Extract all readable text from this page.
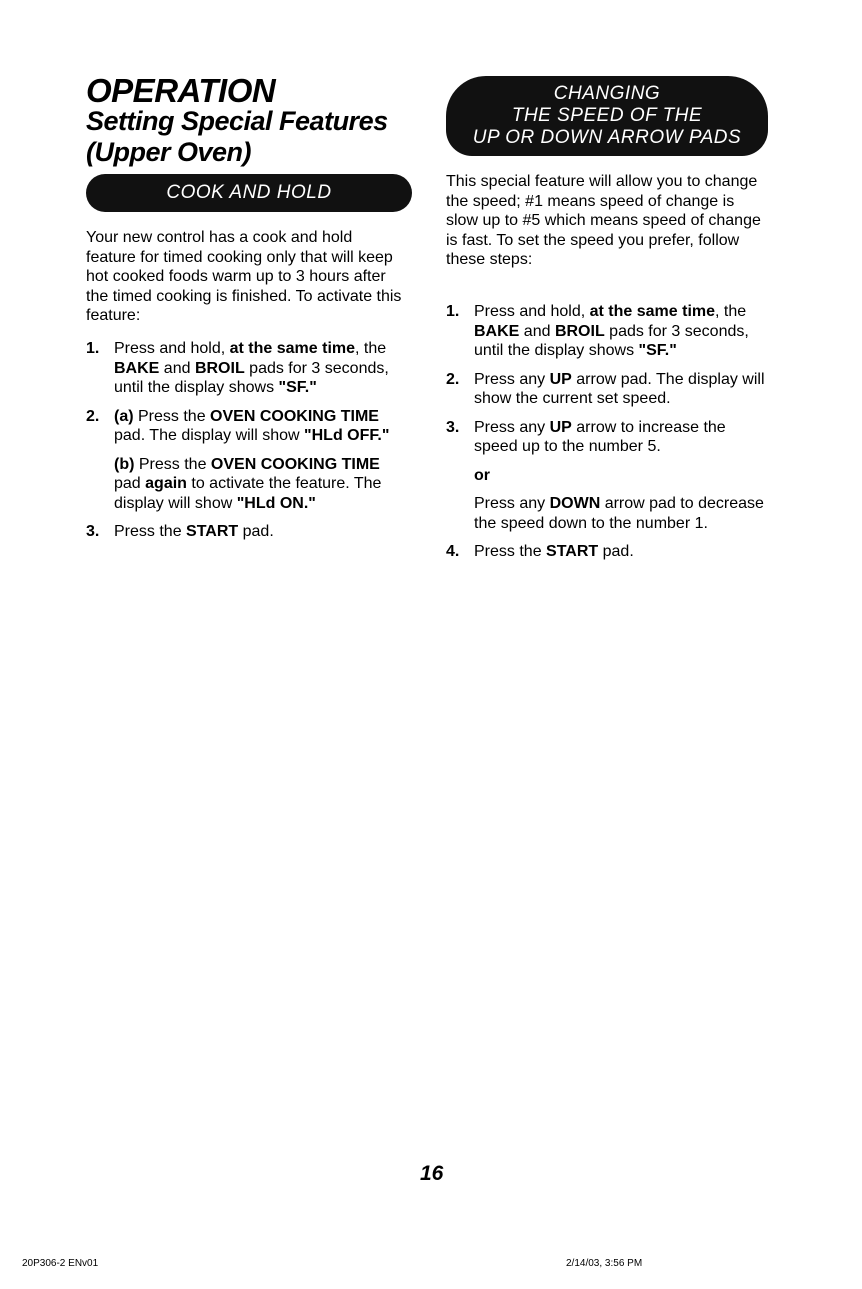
OPERATION
Setting Special Features
(Upper Oven)
COOK AND HOLD

Your new control has a cook and hold feature for timed cooking only that will keep hot cooked foods warm up to 3 hours after the timed cooking is finished. To activate this feature:

1. Press and hold, at the same time, the BAKE and BROIL pads for 3 seconds, until the display shows "SF."
2. (a) Press the OVEN COOKING TIME pad. The display will show "HLd OFF."
(b) Press the OVEN COOKING TIME pad again to activate the feature. The display will show "HLd ON."
3. Press the START pad.
CHANGING
THE SPEED OF THE
UP OR DOWN ARROW PADS

This special feature will allow you to change the speed; #1 means speed of change is slow up to #5 which means speed of change is fast. To set the speed you prefer, follow these steps:

1. Press and hold, at the same time, the BAKE and BROIL pads for 3 seconds, until the display shows "SF."
2. Press any UP arrow pad. The display will show the current set speed.
3. Press any UP arrow to increase the speed up to the number 5.
or
Press any DOWN arrow pad to decrease the speed down to the number 1.
4. Press the START pad.
16
20P306-2 ENv01	2/14/03, 3:56 PM
